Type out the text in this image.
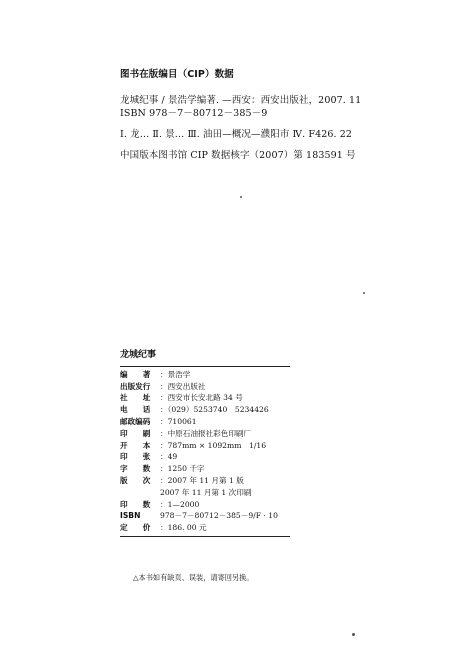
图书在版编目（CIP）数据
龙城纪事 / 景浩学编著. —西安：西安出版社，2007. 11
ISBN 978－7－80712－385－9
Ⅰ. 龙… Ⅱ. 景… Ⅲ. 油田—概况—濮阳市 Ⅳ. F426. 22
中国版本图书馆 CIP 数据核字（2007）第 183591 号
龙城纪事
编　　著	：景浩学
出版发行	：西安出版社
社　　址	：西安市长安北路 34 号
电　　话	：（029）5253740　5234426
邮政编码	：710061
印　　刷	：中原石油报社彩色印刷厂
开　　本	：787mm × 1092mm　1/16
印　　张	：49
字　　数	：1250 千字
版　　次	：2007 年 11 月第 1 版
2007 年 11 月第 1 次印刷
印　　数	：1—2000
ISBN	978－7－80712－385－9/F · 10
定　　价	：186. 00 元
△本书如有缺页、误装，请寄回另换。
